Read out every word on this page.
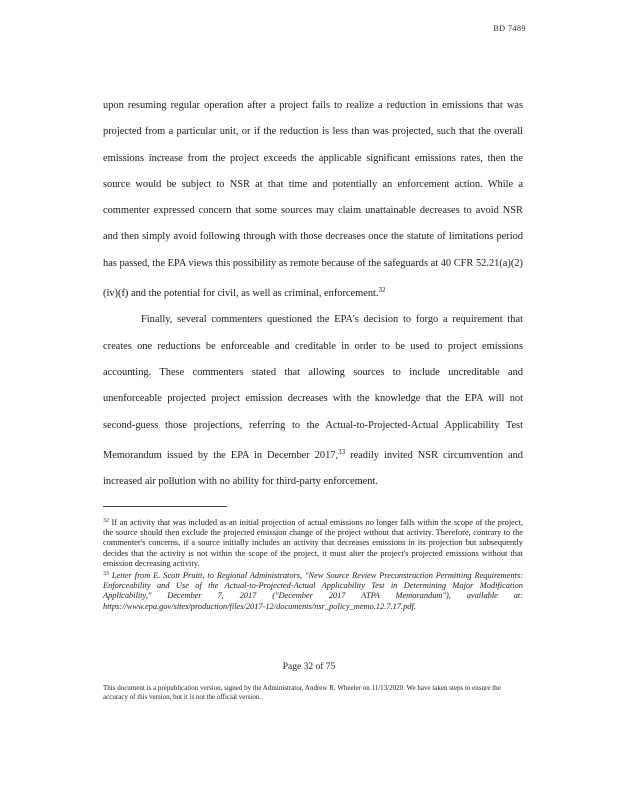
BD 7489

upon resuming regular operation after a project fails to realize a reduction in emissions that was projected from a particular unit, or if the reduction is less than was projected, such that the overall emissions increase from the project exceeds the applicable significant emissions rates, then the source would be subject to NSR at that time and potentially an enforcement action. While a commenter expressed concern that some sources may claim unattainable decreases to avoid NSR and then simply avoid following through with those decreases once the statute of limitations period has passed, the EPA views this possibility as remote because of the safeguards at 40 CFR 52.21(a)(2)(iv)(f) and the potential for civil, as well as criminal, enforcement.$^{32}$

Finally, several commenters questioned the EPA's decision to forgo a requirement that creates one reductions be enforceable and creditable in order to be used to project emissions accounting. These commenters stated that allowing sources to include uncreditable and unenforceable projected project emission decreases with the knowledge that the EPA will not second-guess those projections, referring to the Actual-to-Projected-Actual Applicability Test Memorandum issued by the EPA in December 2017,33 readily invited NSR circumvention and increased air pollution with no ability for third-party enforcement.

$^{32}$ If an activity that was included as an initial projection of actual emissions no longer falls within the scope of the project, the source should then exclude the projected emission change of the project without that activity. Therefore, contrary to the commenter's concerns, if a source initially includes an activity that decreases emissions in its projection but subsequently decides that the activity is not within the scope of the project, it must alter the project's projected emissions without that emission decreasing activity.

$^{33}$ Letter from E. Scott Pruitt, to Regional Administrators, "New Source Review Preconstruction Permitting Requirements: Enforceability and Use of the Actual-to-Projected-Actual Applicability Test in Determining Major Modification Applicability," December 7, 2017 ("December 2017 ATPA Memorandum"), available at: https://www.epa.gov/sites/production/files/2017-12/documents/nsr_policy_memo.12.7.17.pdf.

Page 32 of 75
This document is a prepublication version, signed by the Administrator, Andrew R. Wheeler on 11/13/2020. We have taken steps to ensure the accuracy of this version, but it is not the official version.
